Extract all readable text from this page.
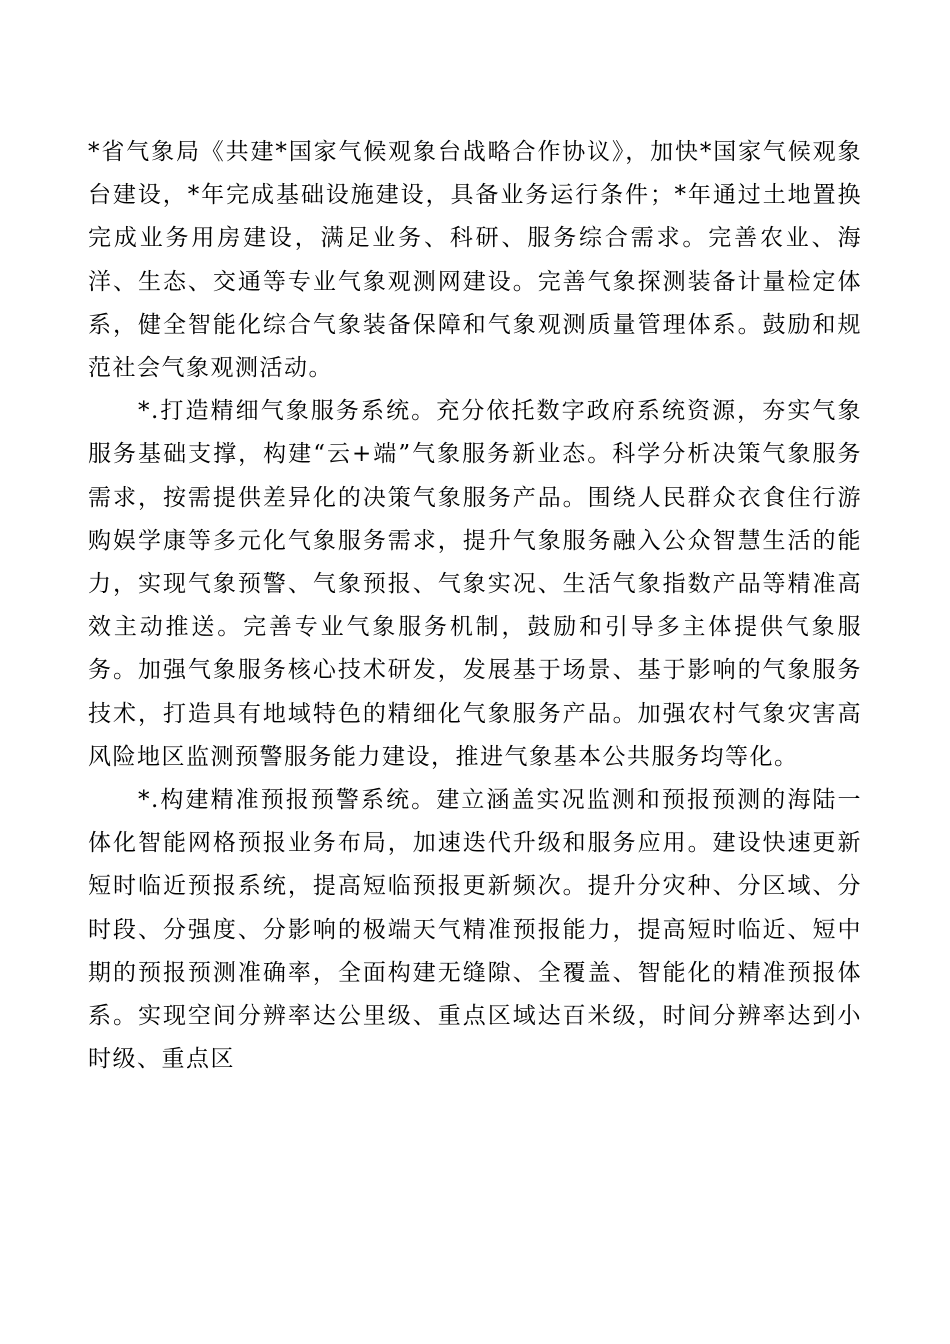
*省气象局《共建*国家气候观象台战略合作协议》，加快*国家气候观象台建设，*年完成基础设施建设，具备业务运行条件；*年通过土地置换完成业务用房建设，满足业务、科研、服务综合需求。完善农业、海洋、生态、交通等专业气象观测网建设。完善气象探测装备计量检定体系，健全智能化综合气象装备保障和气象观测质量管理体系。鼓励和规范社会气象观测活动。

*.打造精细气象服务系统。充分依托数字政府系统资源，夯实气象服务基础支撑，构建“云+端”气象服务新业态。科学分析决策气象服务需求，按需提供差异化的决策气象服务产品。围绕人民群众衣食住行游购娱学康等多元化气象服务需求，提升气象服务融入公众智慧生活的能力，实现气象预警、气象预报、气象实况、生活气象指数产品等精准高效主动推送。完善专业气象服务机制，鼓励和引导多主体提供气象服务。加强气象服务核心技术研发，发展基于场景、基于影响的气象服务技术，打造具有地域特色的精细化气象服务产品。加强农村气象灾害高风险地区监测预警服务能力建设，推进气象基本公共服务均等化。

*.构建精准预报预警系统。建立涵盖实况监测和预报预测的海陆一体化智能网格预报业务布局，加速迭代升级和服务应用。建设快速更新短时临近预报系统，提高短临预报更新频次。提升分灾种、分区域、分时段、分强度、分影响的极端天气精准预报能力，提高短时临近、短中期的预报预测准确率，全面构建无缝隙、全覆盖、智能化的精准预报体系。实现空间分辨率达公里级、重点区域达百米级，时间分辨率达到小时级、重点区
